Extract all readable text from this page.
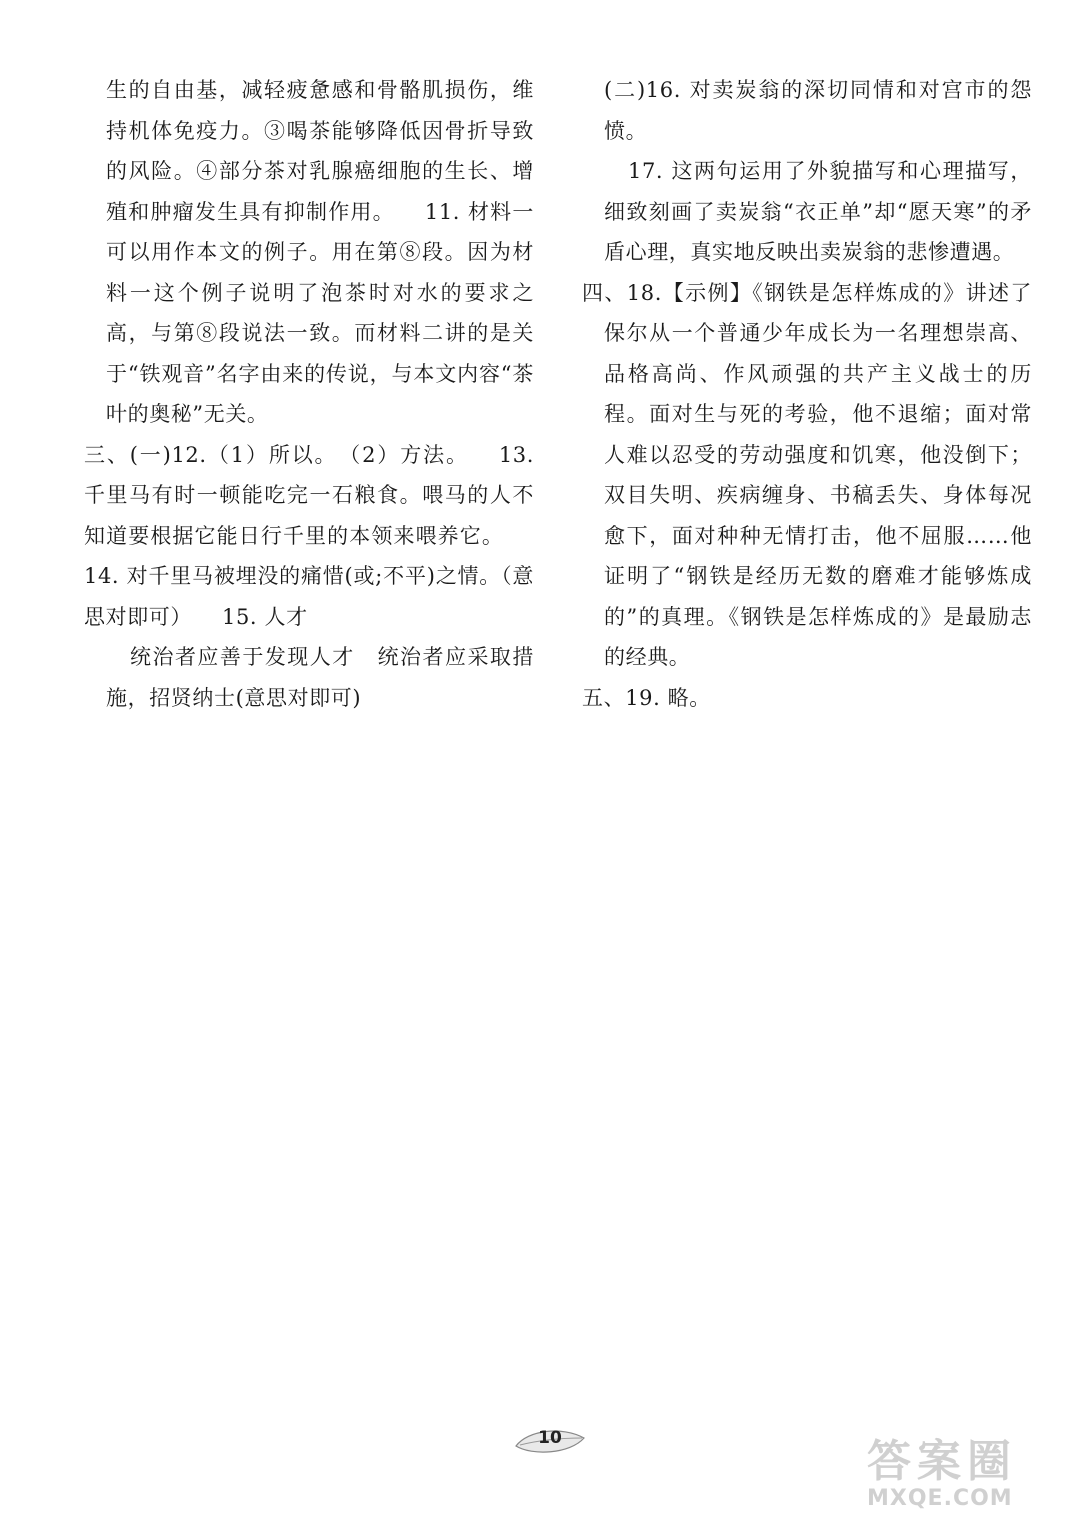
生的自由基，减轻疲惫感和骨骼肌损伤，维持机体免疫力。③喝茶能够降低因骨折导致的风险。④部分茶对乳腺癌细胞的生长、增殖和肿瘤发生具有抑制作用。 11. 材料一可以用作本文的例子。用在第⑧段。因为材料一这个例子说明了泡茶时对水的要求之高，与第⑧段说法一致。而材料二讲的是关于“铁观音”名字由来的传说，与本文内容“茶叶的奥秘”无关。

三、(一)12.（1）所以。　（2）方法。 13. 千里马有时一顿能吃完一石粮食。喂马的人不知道要根据它能日行千里的本领来喂养它。14. 对千里马被埋没的痛惜(或;不平)之情。（意思对即可） 15. 人才

统治者应善于发现人才 统治者应采取措施，招贤纳士(意思对即可)

(二)16. 对卖炭翁的深切同情和对宫市的怨愤。

17. 这两句运用了外貌描写和心理描写，细致刻画了卖炭翁“衣正单”却“愿天寒”的矛盾心理，真实地反映出卖炭翁的悲惨遭遇。

四、18.【示例】《钢铁是怎样炼成的》讲述了保尔从一个普通少年成长为一名理想崇高、品格高尚、作风顽强的共产主义战士的历程。面对生与死的考验，他不退缩；面对常人难以忍受的劳动强度和饥寒，他没倒下；双目失明、疾病缠身、书稿丢失、身体每况愈下，面对种种无情打击，他不屈服……他证明了“钢铁是经历无数的磨难才能够炼成的”的真理。《钢铁是怎样炼成的》是最励志的经典。

五、19. 略。

10	答案圈
MXQE.COM
